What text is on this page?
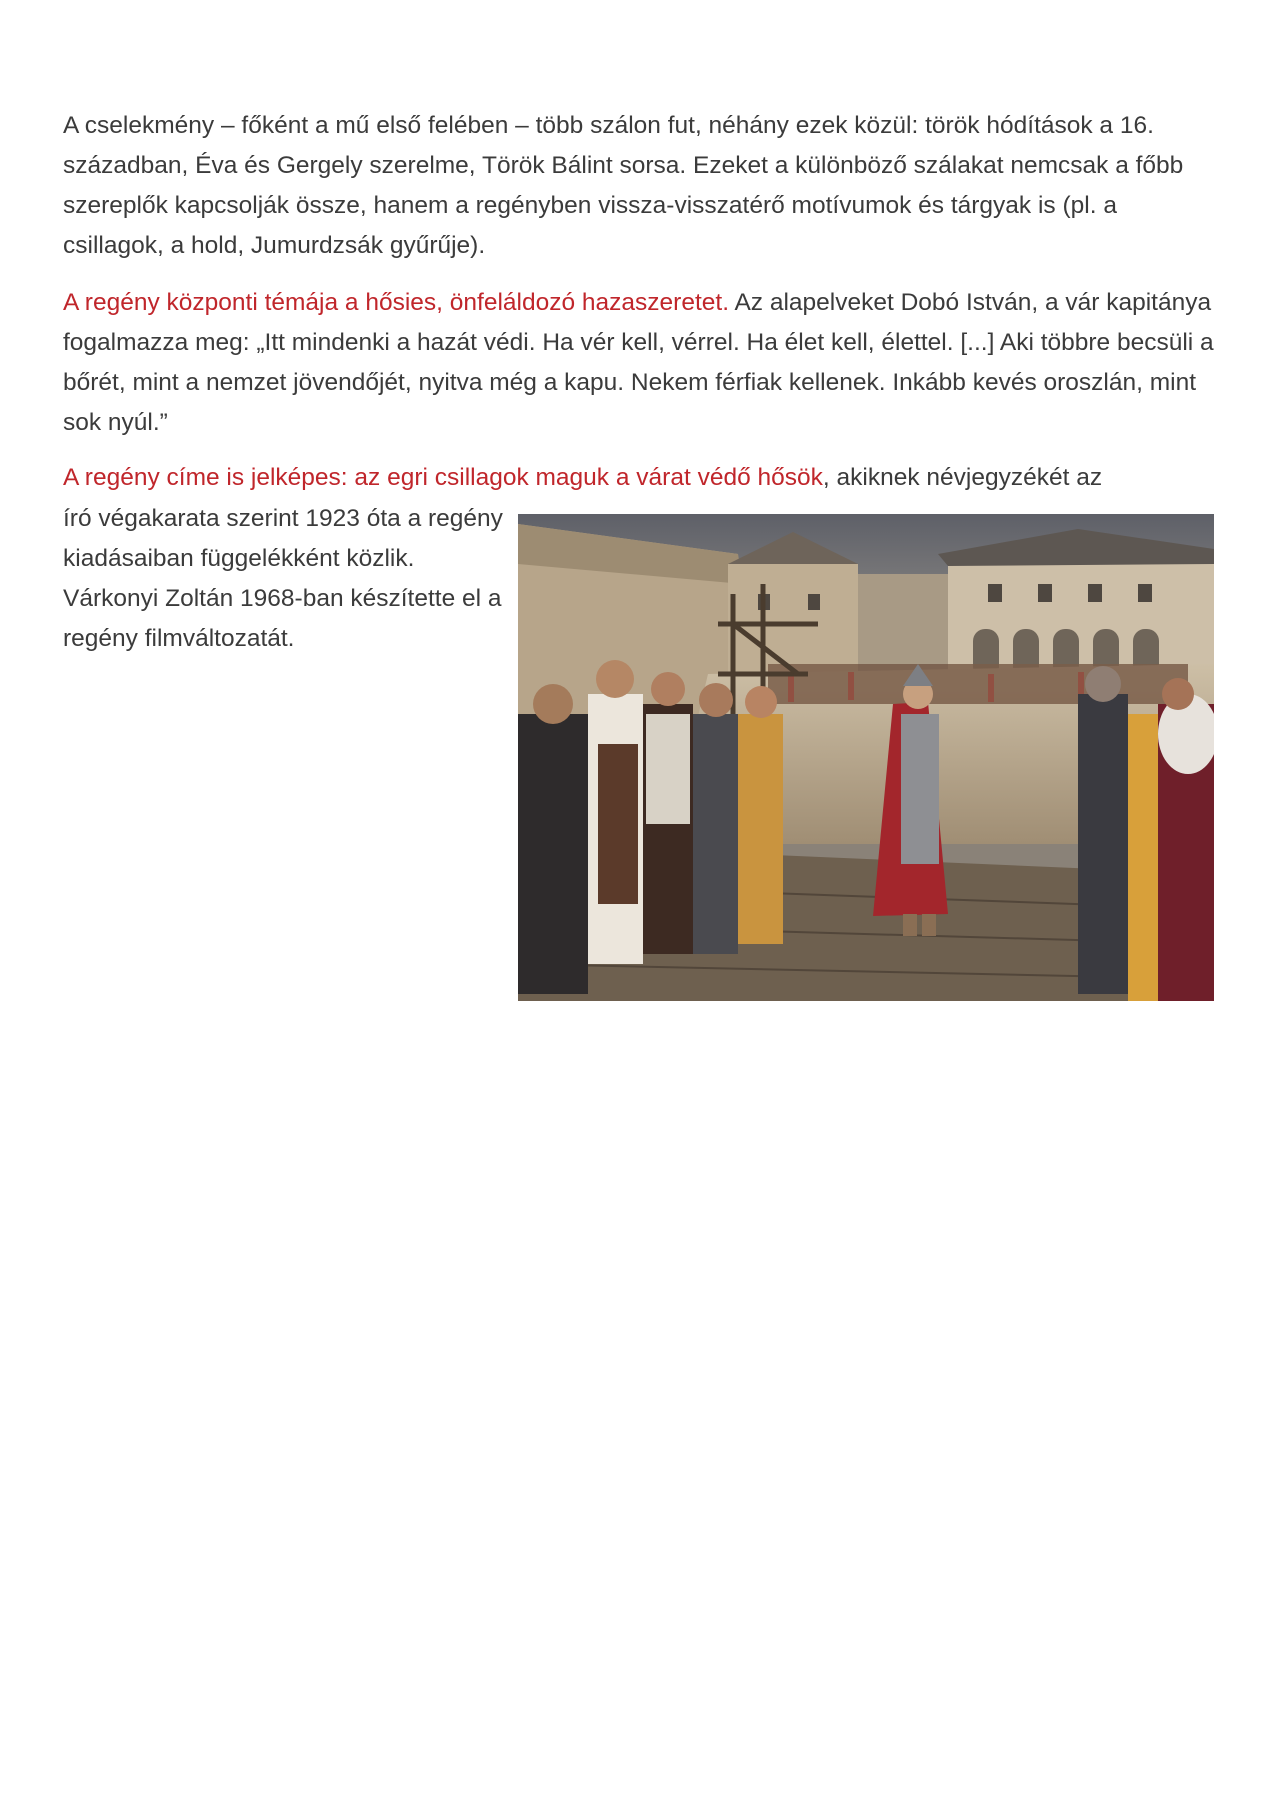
A cselekmény – főként a mű első felében – több szálon fut, néhány ezek közül: török hódítások a 16. században, Éva és Gergely szerelme, Török Bálint sorsa. Ezeket a különböző szálakat nemcsak a főbb szereplők kapcsolják össze, hanem a regényben vissza-visszatérő motívumok és tárgyak is (pl. a csillagok, a hold, Jumurdzsák gyűrűje).

A regény központi témája a hősies, önfeláldozó hazaszeretet. Az alapelveket Dobó István, a vár kapitánya fogalmazza meg: „Itt mindenki a hazát védi. Ha vér kell, vérrel. Ha élet kell, élettel. [...] Aki többre becsüli a bőrét, mint a nemzet jövendőjét, nyitva még a kapu. Nekem férfiak kellenek. Inkább kevés oroszlán, mint sok nyúl.”

A regény címe is jelképes: az egri csillagok maguk a várat védő hősök, akiknek névjegyzékét az

író végakarata szerint 1923 óta a regény kiadásaiban függelékként közlik. Várkonyi Zoltán 1968-ban készítette el a regény filmváltozatát.
